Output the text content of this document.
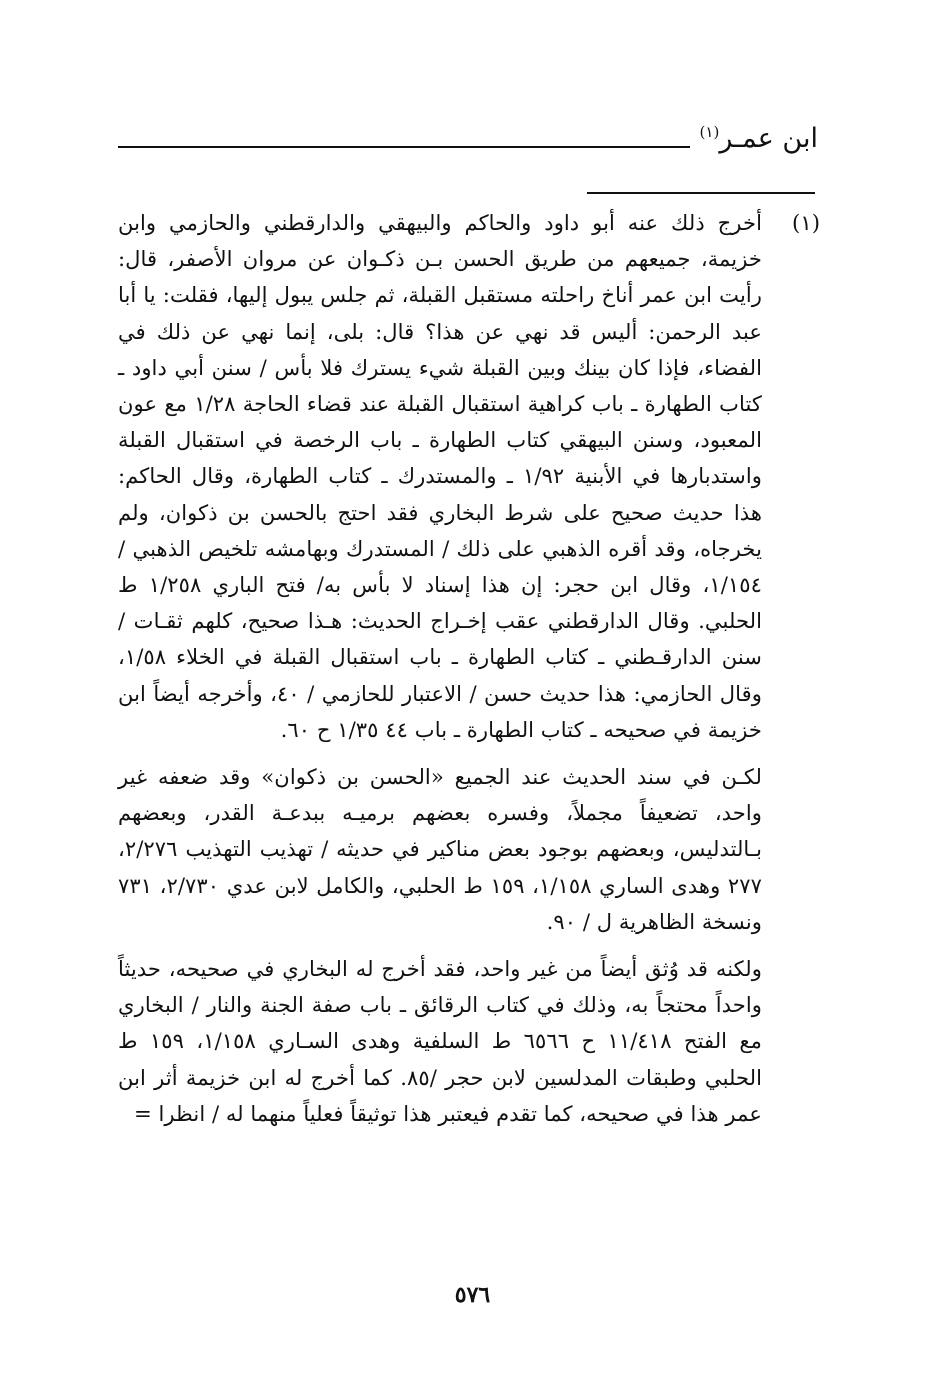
ابن عمـر$^{(١)}$

(١)
أخرج ذلك عنه أبو داود والحاكم والبيهقي والدارقطني والحازمي وابن خزيمة، جميعهم من طريق الحسن بـن ذكـوان عن مروان الأصفر، قال: رأيت ابن عمر أناخ راحلته مستقبل القبلة، ثم جلس يبول إليها، فقلت: يا أبا عبد الرحمن: أليس قد نهي عن هذا؟ قال: بلى، إنما نهي عن ذلك في الفضاء، فإذا كان بينك وبين القبلة شيء يسترك فلا بأس / سنن أبي داود ـ كتاب الطهارة ـ باب كراهية استقبال القبلة عند قضاء الحاجة ١/٢٨ مع عون المعبود، وسنن البيهقي كتاب الطهارة ـ باب الرخصة في استقبال القبلة واستدبارها في الأبنية ١/٩٢ ـ والمستدرك ـ كتاب الطهارة، وقال الحاكم: هذا حديث صحيح على شرط البخاري فقد احتج بالحسن بن ذكوان، ولم يخرجاه، وقد أقره الذهبي على ذلك / المستدرك وبهامشه تلخيص الذهبي / ١/١٥٤، وقال ابن حجر: إن هذا إسناد لا بأس به/ فتح الباري ١/٢٥٨ ط الحلبي. وقال الدارقطني عقب إخـراج الحديث: هـذا صحيح، كلهم ثقـات / سنن الدارقـطني ـ كتاب الطهارة ـ باب استقبال القبلة في الخلاء ١/٥٨، وقال الحازمي: هذا حديث حسن / الاعتبار للحازمي / ٤٠، وأخرجه أيضاً ابن خزيمة في صحيحه ـ كتاب الطهارة ـ باب ٤٤ ١/٣٥ ح ٦٠.

لكـن في سند الحديث عند الجميع «الحسن بن ذكوان» وقد ضعفه غير واحد، تضعيفاً مجملاً، وفسره بعضهم برميـه ببدعـة القدر، وبعضهم بـالتدليس، وبعضهم بوجود بعض مناكير في حديثه / تهذيب التهذيب ٢/٢٧٦، ٢٧٧ وهدى الساري ١/١٥٨، ١٥٩ ط الحلبي، والكامل لابن عدي ٢/٧٣٠، ٧٣١ ونسخة الظاهرية ل / ٩٠.

ولكنه قد وُثق أيضاً من غير واحد، فقد أخرج له البخاري في صحيحه، حديثاً واحداً محتجاً به، وذلك في كتاب الرقائق ـ باب صفة الجنة والنار / البخاري مع الفتح ١١/٤١٨ ح ٦٥٦٦ ط السلفية وهدى السـاري ١/١٥٨، ١٥٩ ط الحلبي وطبقات المدلسين لابن حجر /٨٥. كما أخرج له ابن خزيمة أثر ابن عمر هذا في صحيحه، كما تقدم فيعتبر هذا توثيقاً فعلياً منهما له / انظرا =

٥٧٦
